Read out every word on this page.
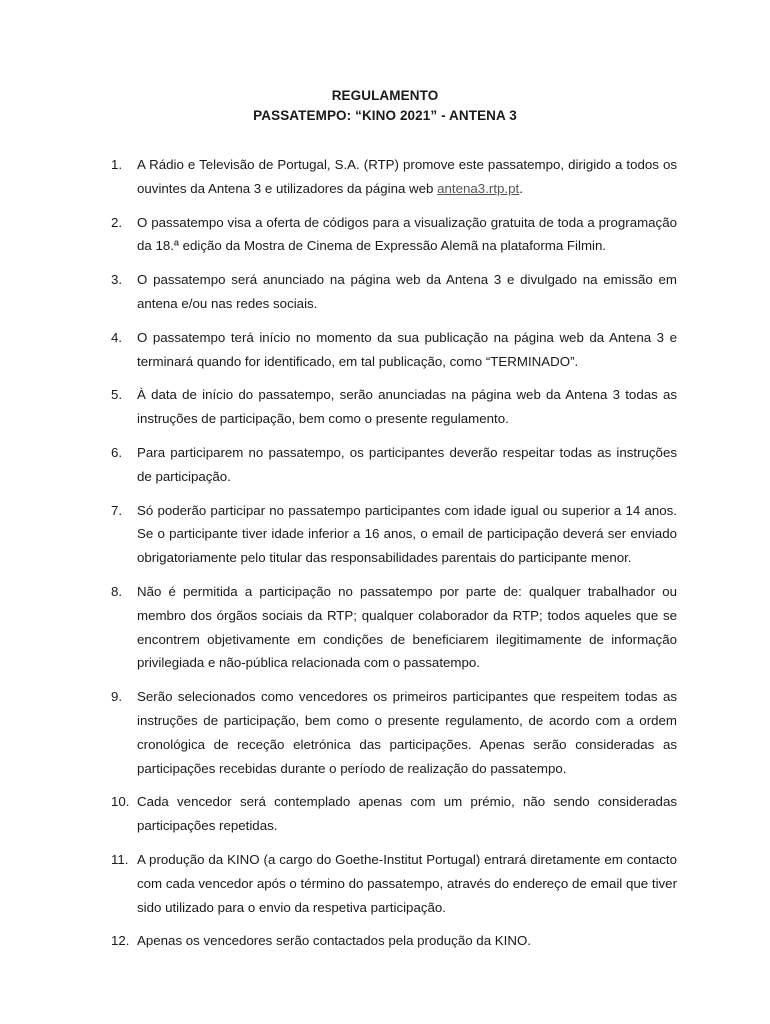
REGULAMENTO
PASSATEMPO: “KINO 2021” - ANTENA 3
1. A Rádio e Televisão de Portugal, S.A. (RTP) promove este passatempo, dirigido a todos os ouvintes da Antena 3 e utilizadores da página web antena3.rtp.pt.
2. O passatempo visa a oferta de códigos para a visualização gratuita de toda a programação da 18.ª edição da Mostra de Cinema de Expressão Alemã na plataforma Filmin.
3. O passatempo será anunciado na página web da Antena 3 e divulgado na emissão em antena e/ou nas redes sociais.
4. O passatempo terá início no momento da sua publicação na página web da Antena 3 e terminará quando for identificado, em tal publicação, como “TERMINADO”.
5. À data de início do passatempo, serão anunciadas na página web da Antena 3 todas as instruções de participação, bem como o presente regulamento.
6. Para participarem no passatempo, os participantes deverão respeitar todas as instruções de participação.
7. Só poderão participar no passatempo participantes com idade igual ou superior a 14 anos. Se o participante tiver idade inferior a 16 anos, o email de participação deverá ser enviado obrigatoriamente pelo titular das responsabilidades parentais do participante menor.
8. Não é permitida a participação no passatempo por parte de: qualquer trabalhador ou membro dos órgãos sociais da RTP; qualquer colaborador da RTP; todos aqueles que se encontrem objetivamente em condições de beneficiarem ilegitimamente de informação privilegiada e não-pública relacionada com o passatempo.
9. Serão selecionados como vencedores os primeiros participantes que respeitem todas as instruções de participação, bem como o presente regulamento, de acordo com a ordem cronológica de receção eletrónica das participações. Apenas serão consideradas as participações recebidas durante o período de realização do passatempo.
10. Cada vencedor será contemplado apenas com um prémio, não sendo consideradas participações repetidas.
11. A produção da KINO (a cargo do Goethe-Institut Portugal) entrará diretamente em contacto com cada vencedor após o término do passatempo, através do endereço de email que tiver sido utilizado para o envio da respetiva participação.
12. Apenas os vencedores serão contactados pela produção da KINO.
